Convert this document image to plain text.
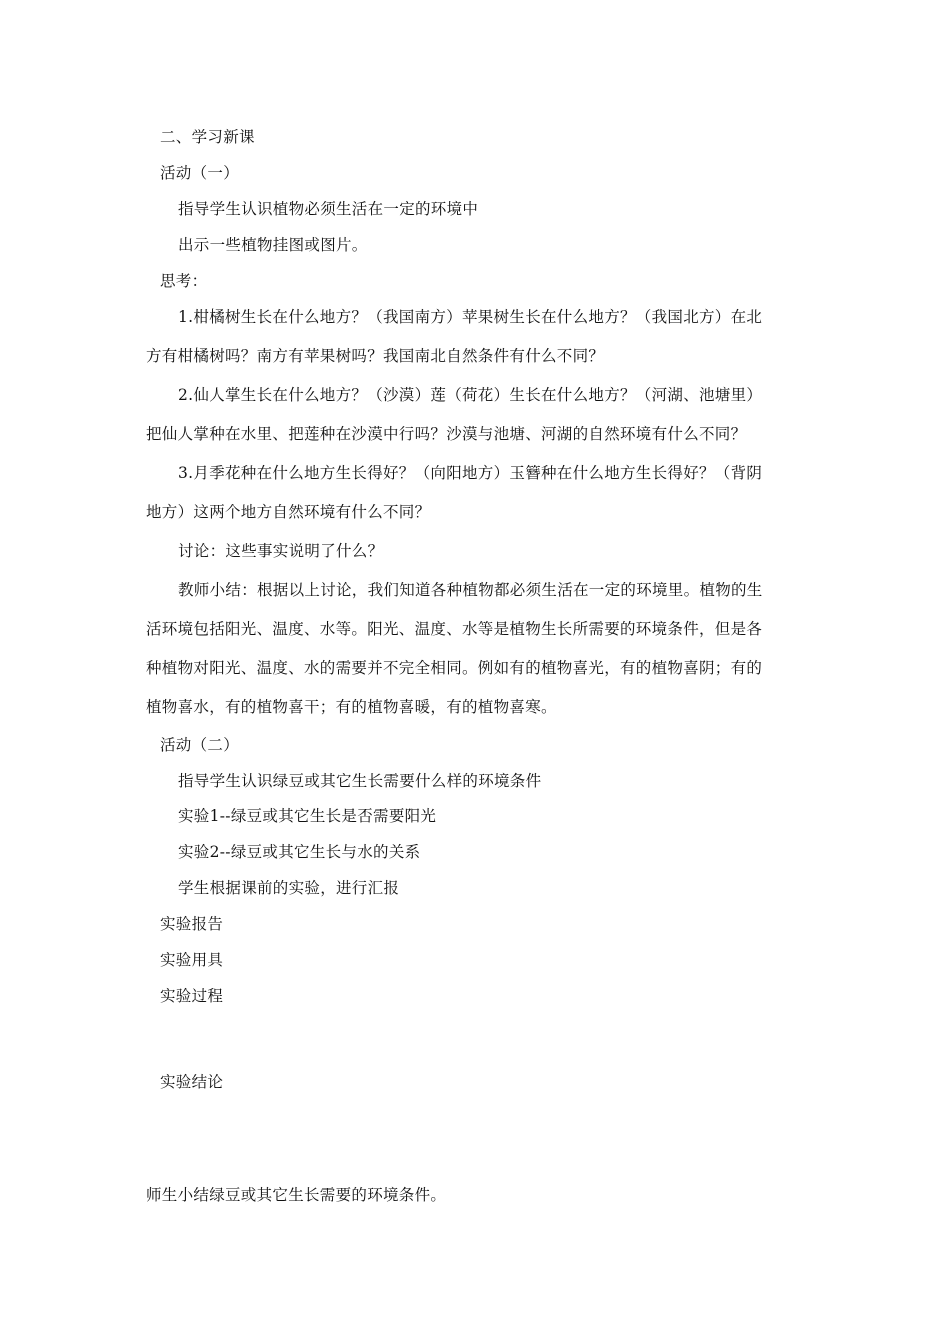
二、学习新课
活动（一）
指导学生认识植物必须生活在一定的环境中
出示一些植物挂图或图片。
思考：
1.柑橘树生长在什么地方？（我国南方）苹果树生长在什么地方？（我国北方）在北
方有柑橘树吗？南方有苹果树吗？我国南北自然条件有什么不同？
2.仙人掌生长在什么地方？（沙漠）莲（荷花）生长在什么地方？（河湖、池塘里）
把仙人掌种在水里、把莲种在沙漠中行吗？沙漠与池塘、河湖的自然环境有什么不同？
3.月季花种在什么地方生长得好？（向阳地方）玉簪种在什么地方生长得好？（背阴
地方）这两个地方自然环境有什么不同？
讨论：这些事实说明了什么？
教师小结：根据以上讨论，我们知道各种植物都必须生活在一定的环境里。植物的生
活环境包括阳光、温度、水等。阳光、温度、水等是植物生长所需要的环境条件，但是各
种植物对阳光、温度、水的需要并不完全相同。例如有的植物喜光，有的植物喜阴；有的
植物喜水，有的植物喜干；有的植物喜暖，有的植物喜寒。
活动（二）
指导学生认识绿豆或其它生长需要什么样的环境条件
实验1--绿豆或其它生长是否需要阳光
实验2--绿豆或其它生长与水的关系
学生根据课前的实验，进行汇报
实验报告
实验用具
实验过程
实验结论
师生小结绿豆或其它生长需要的环境条件。
